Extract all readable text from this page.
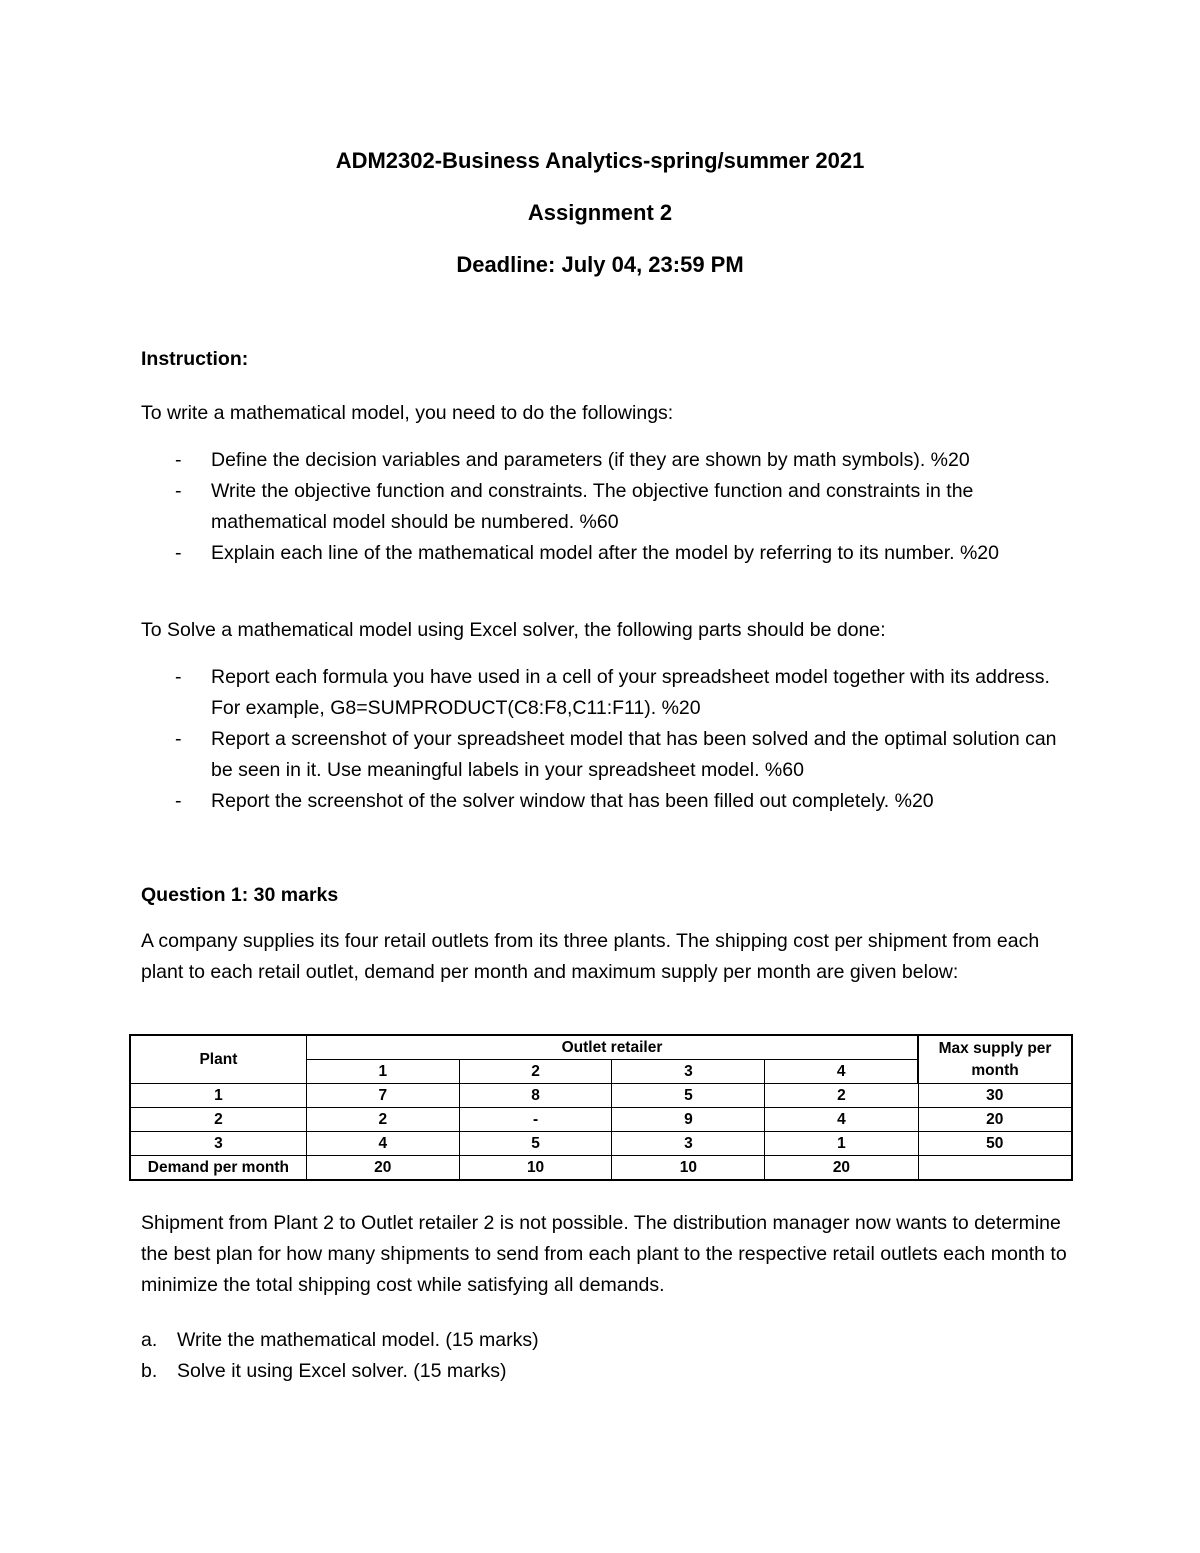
ADM2302-Business Analytics-spring/summer 2021
Assignment 2
Deadline: July 04, 23:59 PM
Instruction:
To write a mathematical model, you need to do the followings:
- Define the decision variables and parameters (if they are shown by math symbols). %20
- Write the objective function and constraints. The objective function and constraints in the mathematical model should be numbered. %60
- Explain each line of the mathematical model after the model by referring to its number. %20
To Solve a mathematical model using Excel solver, the following parts should be done:
- Report each formula you have used in a cell of your spreadsheet model together with its address. For example, G8=SUMPRODUCT(C8:F8,C11:F11). %20
- Report a screenshot of your spreadsheet model that has been solved and the optimal solution can be seen in it. Use meaningful labels in your spreadsheet model. %60
- Report the screenshot of the solver window that has been filled out completely. %20
Question 1: 30 marks
A company supplies its four retail outlets from its three plants. The shipping cost per shipment from each plant to each retail outlet, demand per month and maximum supply per month are given below:
Plant	Outlet retailer				Max supply per month
	1	2	3	4	
1	7	8	5	2	30
2	2	-	9	4	20
3	4	5	3	1	50
Demand per month	20	10	10	20	
Shipment from Plant 2 to Outlet retailer 2 is not possible. The distribution manager now wants to determine the best plan for how many shipments to send from each plant to the respective retail outlets each month to minimize the total shipping cost while satisfying all demands.
a. Write the mathematical model. (15 marks)
b. Solve it using Excel solver. (15 marks)
